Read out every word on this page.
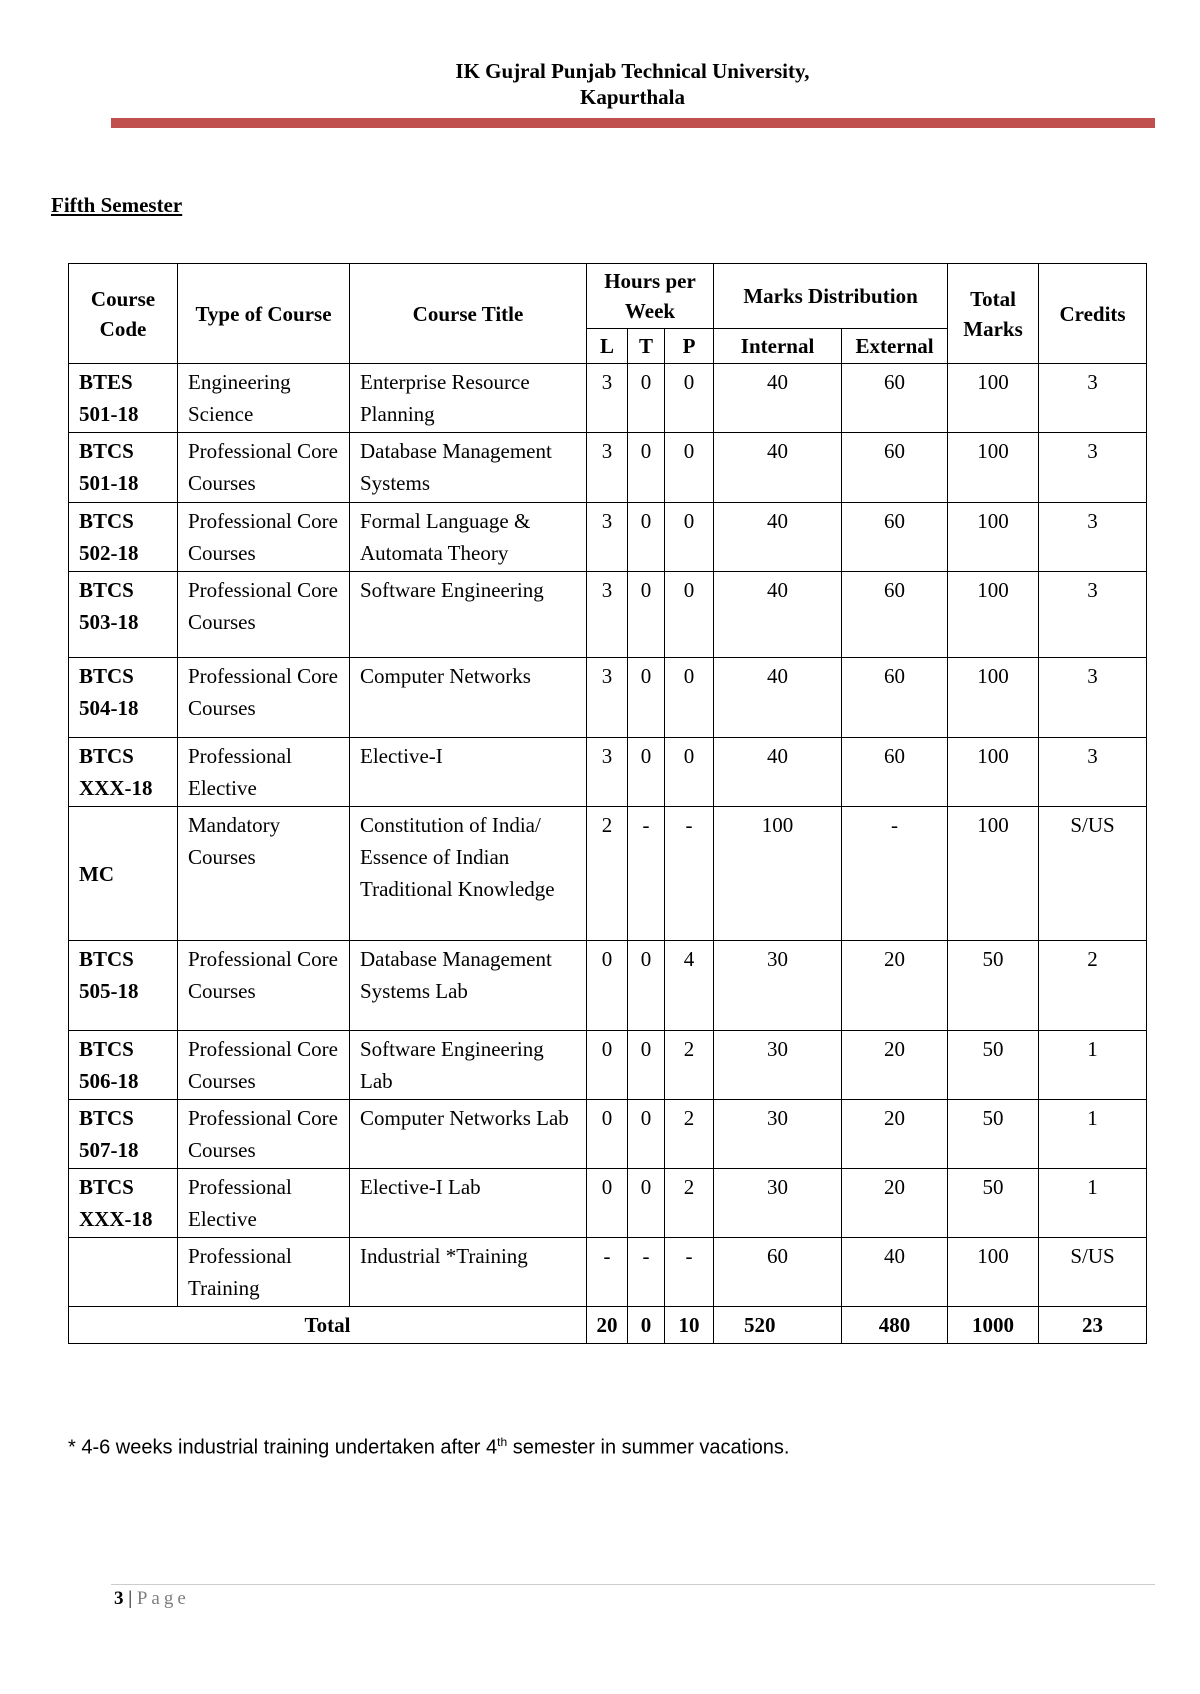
IK Gujral Punjab Technical University,
Kapurthala
Fifth Semester
Course Code	Type of Course	Course Title	Hours per Week			Marks Distribution		Total Marks	Credits
			L	T	P	Internal	External		

BTES
501-18	Engineering Science	Enterprise Resource Planning	3	0	0	40	60	100	3

BTCS
501-18	Professional Core Courses	Database Management Systems	3	0	0	40	60	100	3

BTCS
502-18	Professional Core Courses	Formal Language & Automata Theory	3	0	0	40	60	100	3

BTCS
503-18	Professional Core Courses	Software Engineering	3	0	0	40	60	100	3

BTCS
504-18	Professional Core Courses	Computer Networks	3	0	0	40	60	100	3

BTCS
XXX-18	Professional Elective	Elective-I	3	0	0	40	60	100	3

MC	Mandatory Courses	Constitution of India/ Essence of Indian Traditional Knowledge	2	-	-	100	-	100	S/US

BTCS
505-18	Professional Core Courses	Database Management Systems Lab	0	0	4	30	20	50	2

BTCS
506-18	Professional Core Courses	Software Engineering Lab	0	0	2	30	20	50	1

BTCS
507-18	Professional Core Courses	Computer Networks Lab	0	0	2	30	20	50	1

BTCS
XXX-18	Professional Elective	Elective-I Lab	0	0	2	30	20	50	1

	Professional Training	Industrial *Training	-	-	-	60	40	100	S/US
Total			20	0	10	520	480	1000	23
* 4-6 weeks industrial training undertaken after 4th semester in summer vacations.
3 | Page
